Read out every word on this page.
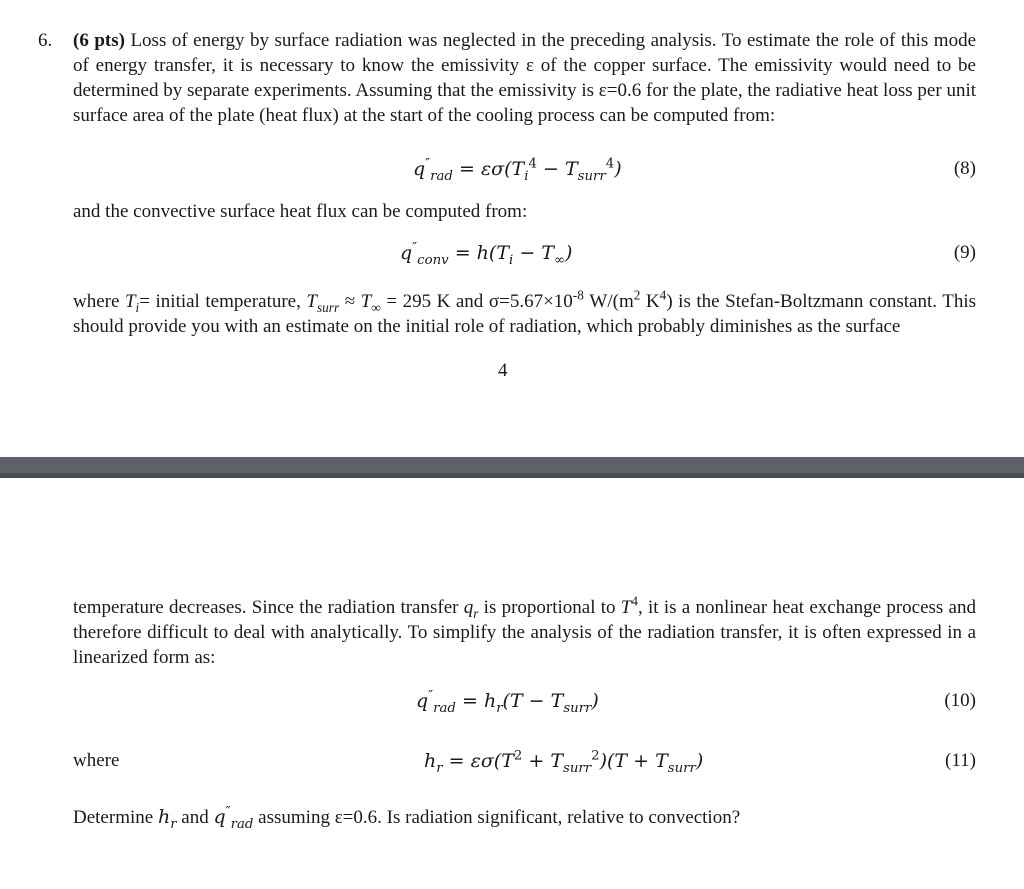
6. (6 pts) Loss of energy by surface radiation was neglected in the preceding analysis. To estimate the role of this mode of energy transfer, it is necessary to know the emissivity ε of the copper surface. The emissivity would need to be determined by separate experiments. Assuming that the emissivity is ε=0.6 for the plate, the radiative heat loss per unit surface area of the plate (heat flux) at the start of the cooling process can be computed from:

$q''_{rad} = \varepsilon\sigma(T_i^4 - T_{surr}^4)$	(8)
and the convective surface heat flux can be computed from:
$q''_{conv} = h(T_i - T_\infty)$	(9)

where $T_i=$ initial temperature, $T_{surr} \approx T_\infty = 295$ K and $\sigma=5.67\times 10^{-8}$ $W/(m^2$ $K^4$) is the Stefan-Boltzmann constant. This should provide you with an estimate on the initial role of radiation, which probably diminishes as the surface

4

temperature decreases. Since the radiation transfer $q_r$ is proportional to $T^4$, it is a nonlinear heat exchange process and therefore difficult to deal with analytically. To simplify the analysis of the radiation transfer, it is often expressed in a linearized form as:

$q''_{rad} = h_r(T - T_{surr})$	(10)
where	$h_r = \varepsilon\sigma(T^2 + T_{surr}^2)(T + T_{surr})$	(11)

Determine $h_r$ and $q''_{rad}$ assuming ε=0.6. Is radiation significant, relative to convection?
